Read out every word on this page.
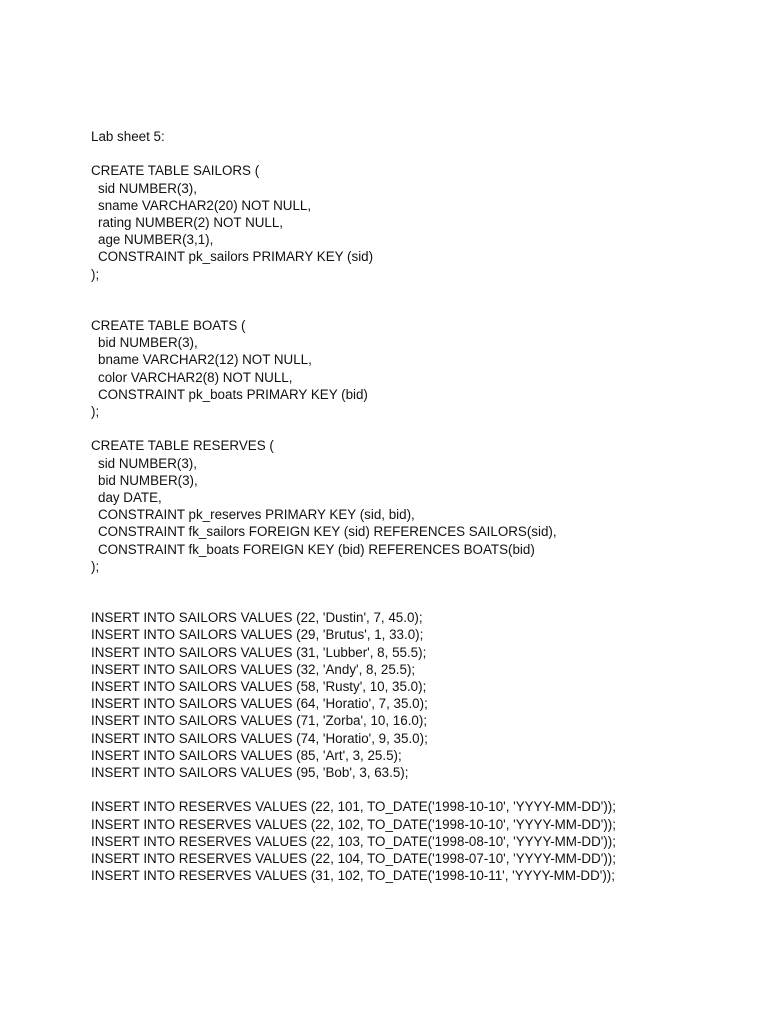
Lab sheet 5:
CREATE TABLE SAILORS (
sid NUMBER(3),
sname VARCHAR2(20) NOT NULL,
rating NUMBER(2) NOT NULL,
age NUMBER(3,1),
CONSTRAINT pk_sailors PRIMARY KEY (sid)
);
CREATE TABLE BOATS (
bid NUMBER(3),
bname VARCHAR2(12) NOT NULL,
color VARCHAR2(8) NOT NULL,
CONSTRAINT pk_boats PRIMARY KEY (bid)
);
CREATE TABLE RESERVES (
sid NUMBER(3),
bid NUMBER(3),
day DATE,
CONSTRAINT pk_reserves PRIMARY KEY (sid, bid),
CONSTRAINT fk_sailors FOREIGN KEY (sid) REFERENCES SAILORS(sid),
CONSTRAINT fk_boats FOREIGN KEY (bid) REFERENCES BOATS(bid)
);
INSERT INTO SAILORS VALUES (22, 'Dustin', 7, 45.0);
INSERT INTO SAILORS VALUES (29, 'Brutus', 1, 33.0);
INSERT INTO SAILORS VALUES (31, 'Lubber', 8, 55.5);
INSERT INTO SAILORS VALUES (32, 'Andy', 8, 25.5);
INSERT INTO SAILORS VALUES (58, 'Rusty', 10, 35.0);
INSERT INTO SAILORS VALUES (64, 'Horatio', 7, 35.0);
INSERT INTO SAILORS VALUES (71, 'Zorba', 10, 16.0);
INSERT INTO SAILORS VALUES (74, 'Horatio', 9, 35.0);
INSERT INTO SAILORS VALUES (85, 'Art', 3, 25.5);
INSERT INTO SAILORS VALUES (95, 'Bob', 3, 63.5);
INSERT INTO RESERVES VALUES (22, 101, TO_DATE('1998-10-10', 'YYYY-MM-DD'));
INSERT INTO RESERVES VALUES (22, 102, TO_DATE('1998-10-10', 'YYYY-MM-DD'));
INSERT INTO RESERVES VALUES (22, 103, TO_DATE('1998-08-10', 'YYYY-MM-DD'));
INSERT INTO RESERVES VALUES (22, 104, TO_DATE('1998-07-10', 'YYYY-MM-DD'));
INSERT INTO RESERVES VALUES (31, 102, TO_DATE('1998-10-11', 'YYYY-MM-DD'));
